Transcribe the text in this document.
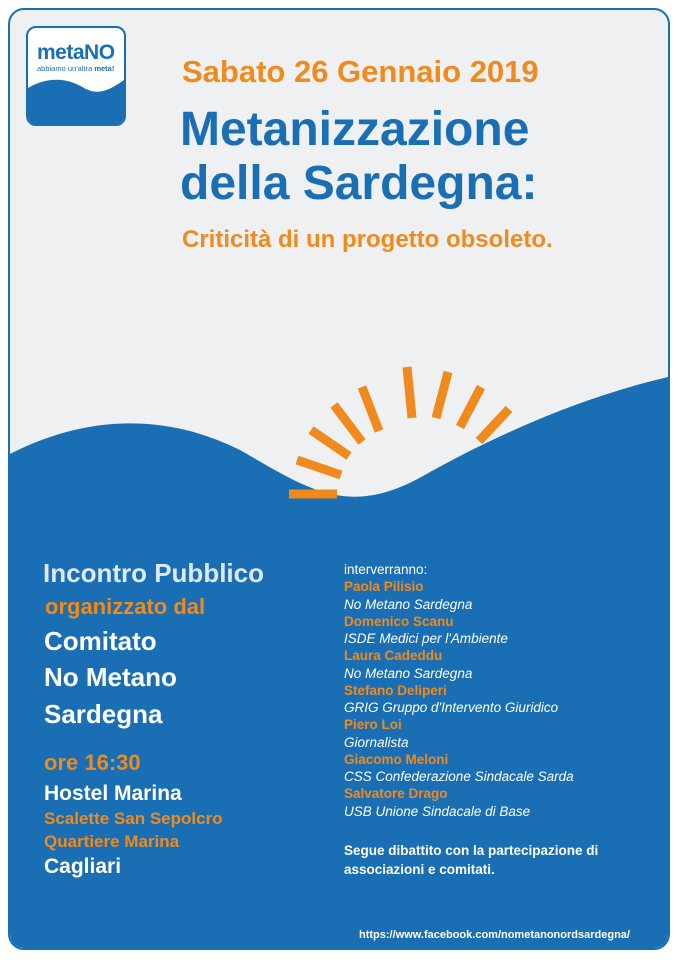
metaNO
abbiamo un'altra meta! Sabato 26 Gennaio 2019
Metanizzazione
della Sardegna:
Criticità di un progetto obsoleto.
Incontro Pubblico
organizzato dal
Comitato
No Metano
Sardegna
ore 16:30
Hostel Marina
Scalette San Sepolcro
Quartiere Marina
Cagliari
interverranno:
Paola Pilisio
No Metano Sardegna
Domenico Scanu
ISDE Medici per l'Ambiente
Laura Cadeddu
No Metano Sardegna
Stefano Deliperi
GRIG Gruppo d'Intervento Giuridico
Piero Loi
Giornalista
Giacomo Meloni
CSS Confederazione Sindacale Sarda
Salvatore Drago
USB Unione Sindacale di Base
Segue dibattito con la partecipazione di associazioni e comitati.
https://www.facebook.com/nometanonordsardegna/
